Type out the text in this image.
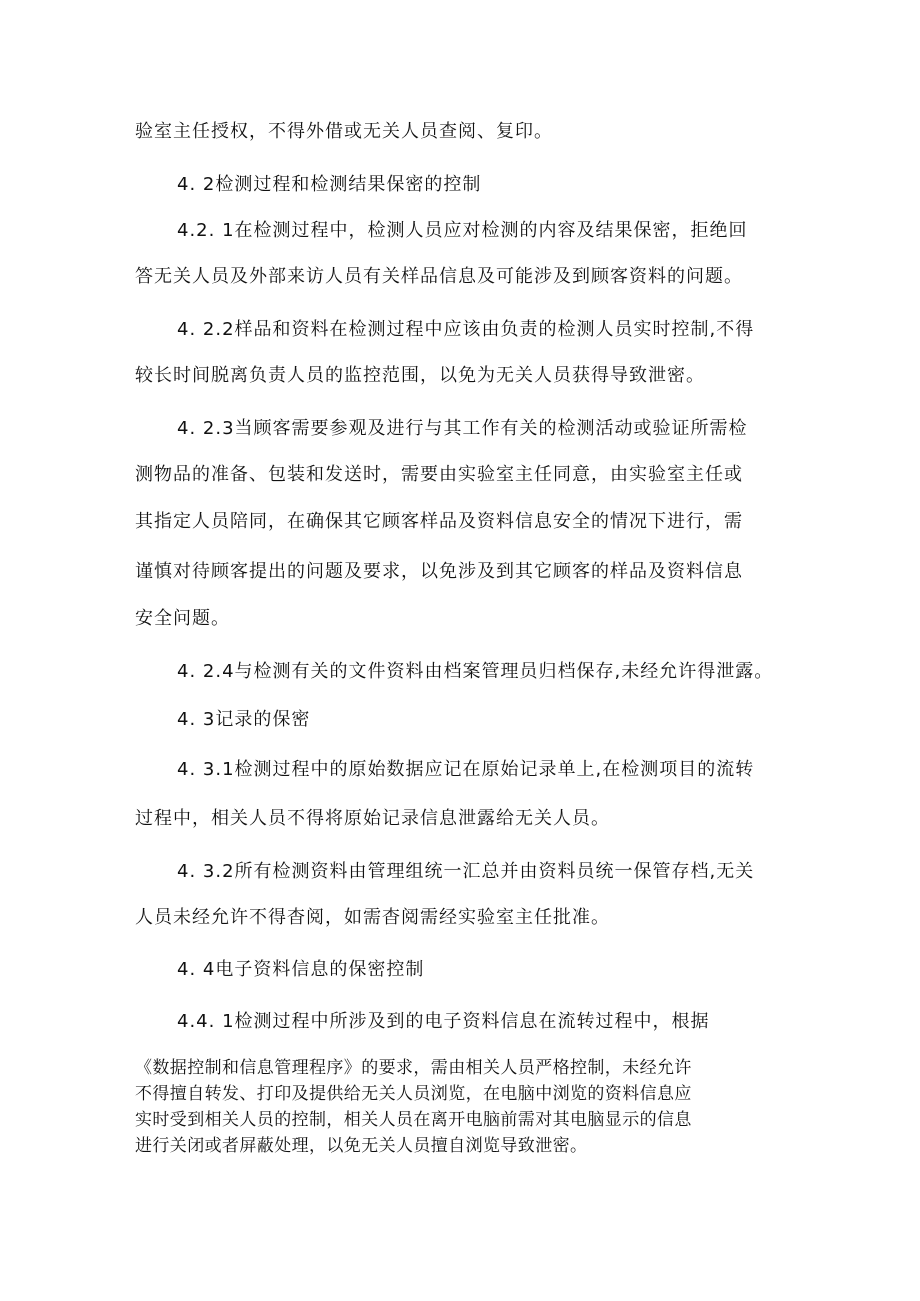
验室主任授权，不得外借或无关人员查阅、复印。
4. 2检测过程和检测结果保密的控制
4.2. 1在检测过程中，检测人员应对检测的内容及结果保密，拒绝回
答无关人员及外部来访人员有关样品信息及可能涉及到顾客资料的问题。
4. 2.2样品和资料在检测过程中应该由负责的检测人员实时控制,不得
较长时间脱离负责人员的监控范围，以免为无关人员获得导致泄密。
4. 2.3当顾客需要参观及进行与其工作有关的检测活动或验证所需检
测物品的准备、包装和发送时，需要由实验室主任同意，由实验室主任或
其指定人员陪同，在确保其它顾客样品及资料信息安全的情况下进行，需
谨慎对待顾客提出的问题及要求，以免涉及到其它顾客的样品及资料信息
安全问题。
4. 2.4与检测有关的文件资料由档案管理员归档保存,未经允许得泄露。
4. 3记录的保密
4. 3.1检测过程中的原始数据应记在原始记录单上,在检测项目的流转
过程中，相关人员不得将原始记录信息泄露给无关人员。
4. 3.2所有检测资料由管理组统一汇总并由资料员统一保管存档,无关
人员未经允许不得杳阅，如需杳阅需经实验室主任批准。
4. 4电子资料信息的保密控制
4.4. 1检测过程中所涉及到的电子资料信息在流转过程中，根据
《数据控制和信息管理程序》的要求，需由相关人员严格控制，未经允许
不得擅自转发、打印及提供给无关人员浏览，在电脑中浏览的资料信息应
实时受到相关人员的控制，相关人员在离开电脑前需对其电脑显示的信息
进行关闭或者屏蔽处理，以免无关人员擅自浏览导致泄密。
